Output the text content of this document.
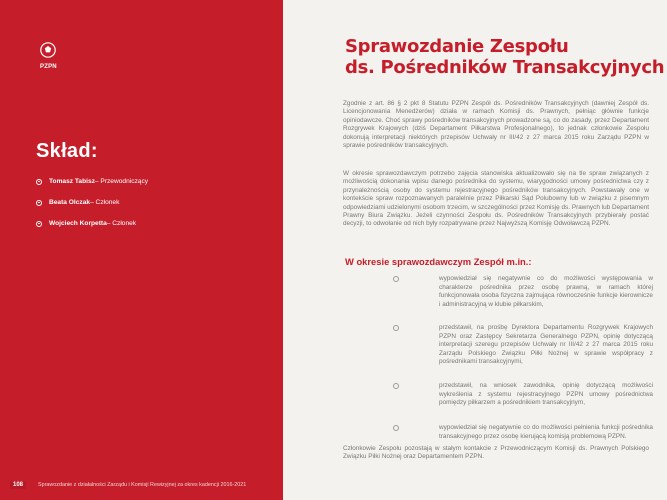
PZPN
Skład:
Tomasz Tabisz – Przewodniczący
Beata Olczak – Członek
Wojciech Korpetta – Członek
108	Sprawozdanie z działalności Zarządu i Komisji Rewizyjnej za okres kadencji 2016-2021
Sprawozdanie Zespołu
ds. Pośredników Transakcyjnych
Zgodnie z art. 86 § 2 pkt 8 Statutu PZPN Zespół ds. Pośredników Transakcyjnych (dawniej Zespół ds. Licencjonowania Menedżerów) działa w ramach Komisji ds. Prawnych, pełniąc głównie funkcje opiniodawcze. Choć sprawy pośredników transakcyjnych prowadzone są, co do zasady, przez Departament Rozgrywek Krajowych (dziś Departament Piłkarstwa Profesjonalnego), to jednak członkowie Zespołu dokonują interpretacji niektórych przepisów Uchwały nr III/42 z 27 marca 2015 roku Zarządu PZPN w sprawie pośredników transakcyjnych.
W okresie sprawozdawczym potrzebo zajęcia stanowiska aktualizowało się na tle spraw związanych z możliwością dokonania wpisu danego pośrednika do systemu, wiarygodności umowy pośrednictwa czy z przynależnością osoby do systemu rejestracyjnego pośredników transakcyjnych. Powstawały one w kontekście spraw rozpoznawanych paralelnie przez Piłkarski Sąd Polubowny lub w związku z pisemnym odpowiedziami udzielonymi osobom trzecim, w szczególności przez Komisję ds. Prawnych lub Departament Prawny Biura Związku. Jeżeli czynności Zespołu ds. Pośredników Transakcyjnych przybierały postać decyzji, to odwołanie od nich były rozpatrywane przez Najwyższą Komisję Odwoławczą PZPN.
W okresie sprawozdawczym Zespół m.in.:
wypowiedział się negatywnie co do możliwości występowania w charakterze pośrednika przez osobę prawną, w ramach której funkcjonowała osoba fizyczna zajmująca równocześnie funkcje kierownicze i administracyjną w klubie piłkarskim,
przedstawił, na prośbę Dyrektora Departamentu Rozgrywek Krajowych PZPN oraz Zastępcy Sekretarza Generalnego PZPN, opinię dotyczącą interpretacji szeregu przepisów Uchwały nr III/42 z 27 marca 2015 roku Zarządu Polskiego Związku Piłki Nożnej w sprawie współpracy z pośrednikami transakcyjnymi,
przedstawił, na wniosek zawodnika, opinię dotyczącą możliwości wykreślenia z systemu rejestracyjnego PZPN umowy pośrednictwa pomiędzy piłkarzem a pośrednikiem transakcyjnym,
wypowiedział się negatywnie co do możliwości pełnienia funkcji pośrednika transakcyjnego przez osobę kierującą komisją problemową PZPN.
Członkowie Zespołu pozostają w stałym kontakcie z Przewodniczącym Komisji ds. Prawnych Polskiego Związku Piłki Nożnej oraz Departamentem PZPN.
